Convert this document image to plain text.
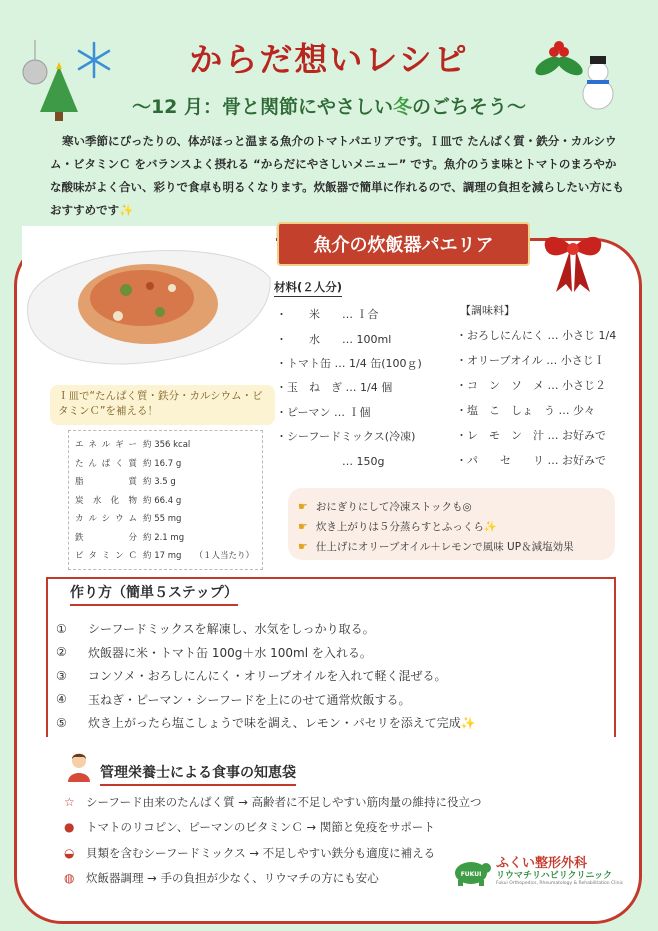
からだ想いレシピ
〜12 月：骨と関節にやさしい冬のごちそう〜

寒い季節にぴったりの、体がほっと温まる魚介のトマトパエリアです。Ｉ皿で たんぱく質・鉄分・カルシウム・ビタミンＣ をバランスよく摂れる “からだにやさしいメニュー” です。魚介のうま味とトマトのまろやかな酸味がよく合い、彩りで食卓も明るくなります。炊飯器で簡単に作れるので、調理の負担を減らしたい方にもおすすめです✨

魚介の炊飯器パエリア
Ｉ皿で“たんぱく質・鉄分・カルシウム・ビタミンＣ”を補える！
エネルギー 約 356 kcal
たんぱく質 約 16.7 g
脂　　質 約 3.5 g
炭水化物 約 66.4 g
カルシウム 約 55 mg
鉄　　分 約 2.1 mg
ビタミンＣ 約 17 mg （１人当たり）
材料(２人分)
・　　米　　… Ｉ合
・　　水　　… 100ml
・トマト缶 … 1/4 缶(100ｇ)
・玉　ね　ぎ … 1/4 個
・ピーマン … Ｉ個
・シーフードミックス(冷凍)
　　　　　　… 150g
【調味料】
・おろしにんにく … 小さじ 1/4
・オリーブオイル … 小さじＩ
・コ　ン　ソ　メ … 小さじ２
・塩　こ　しょ　う … 少々
・レ　モ　ン　汁 … お好みで
・パ　　セ　　リ … お好みで
☛ おにぎりにして冷凍ストックも◎
☛ 炊き上がりは５分蒸らすとふっくら✨
☛ 仕上げにオリーブオイル＋レモンで風味 UP＆減塩効果
作り方（簡単５ステップ）
①	シーフードミックスを解凍し、水気をしっかり取る。
②	炊飯器に米・トマト缶 100g＋水 100ml を入れる。
③	コンソメ・おろしにんにく・オリーブオイルを入れて軽く混ぜる。
④	玉ねぎ・ピーマン・シーフードを上にのせて通常炊飯する。
⑤	炊き上がったら塩こしょうで味を調え、レモン・パセリを添えて完成✨
管理栄養士による食事の知恵袋
☆ シーフード由来のたんぱく質 → 高齢者に不足しやすい筋肉量の維持に役立つ
●	トマトのリコピン、ピーマンのビタミンＣ → 関節と免疫をサポート
◒	貝類を含むシーフードミックス → 不足しやすい鉄分も適度に補える
◍	炊飯器調理 → 手の負担が少なく、リウマチの方にも安心	FUKUI
ふくい整形外科
リウマチリハビリクリニック
Fukui Orthopedics, Rheumatology & Rehabilitation Clinic
